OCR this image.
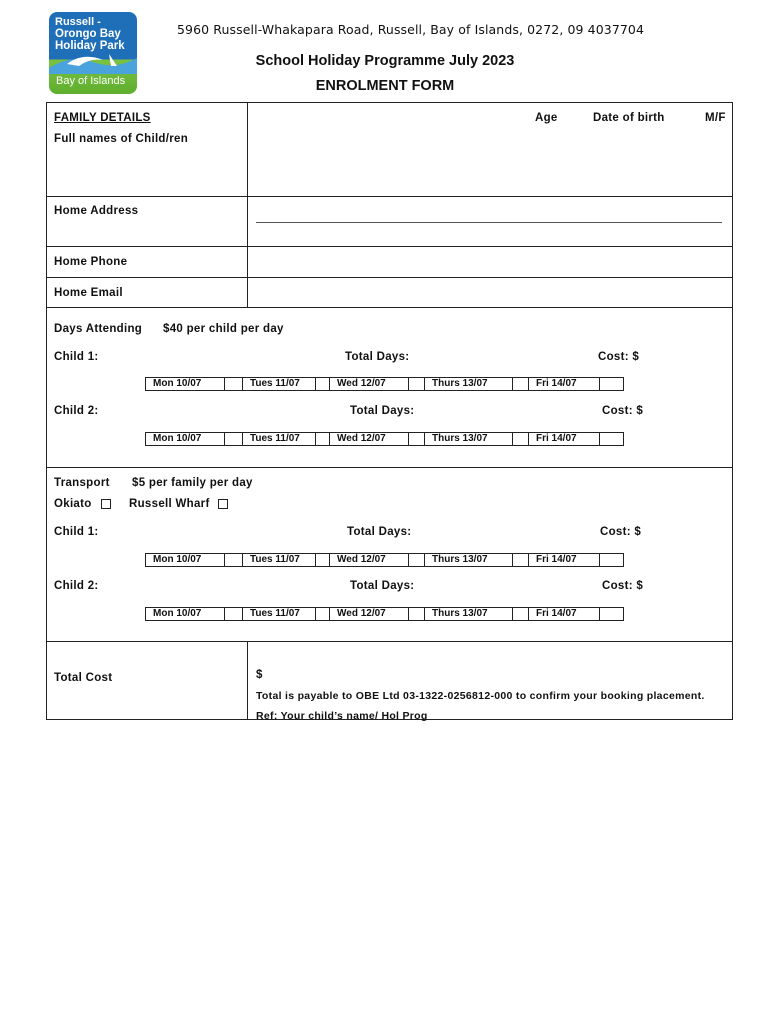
Russell -
Orongo Bay
Holiday Park
Bay of Islands
5960 Russell-Whakapara Road, Russell, Bay of Islands, 0272, 09 4037704
School Holiday Programme July 2023
ENROLMENT FORM
FAMILY DETAILS
Full names of Child/ren
Age	Date of birth	M/F
Home Address
Home Phone
Home Email
Days Attending $40 per child per day
Child 1:	Total Days:	Cost: $
Mon 10/07	Tues 11/07	Wed 12/07	Thurs 13/07	Fri 14/07
Child 2:	Total Days:	Cost: $
Mon 10/07	Tues 11/07	Wed 12/07	Thurs 13/07	Fri 14/07
Transport $5 per family per day
Okiato	Russell Wharf
Child 1:	Total Days:	Cost: $
Mon 10/07	Tues 11/07	Wed 12/07	Thurs 13/07	Fri 14/07
Child 2:	Total Days:	Cost: $
Mon 10/07	Tues 11/07	Wed 12/07	Thurs 13/07	Fri 14/07
Total Cost	$
Total is payable to OBE Ltd 03-1322-0256812-000 to confirm your booking placement.
Ref: Your child’s name/ Hol Prog
